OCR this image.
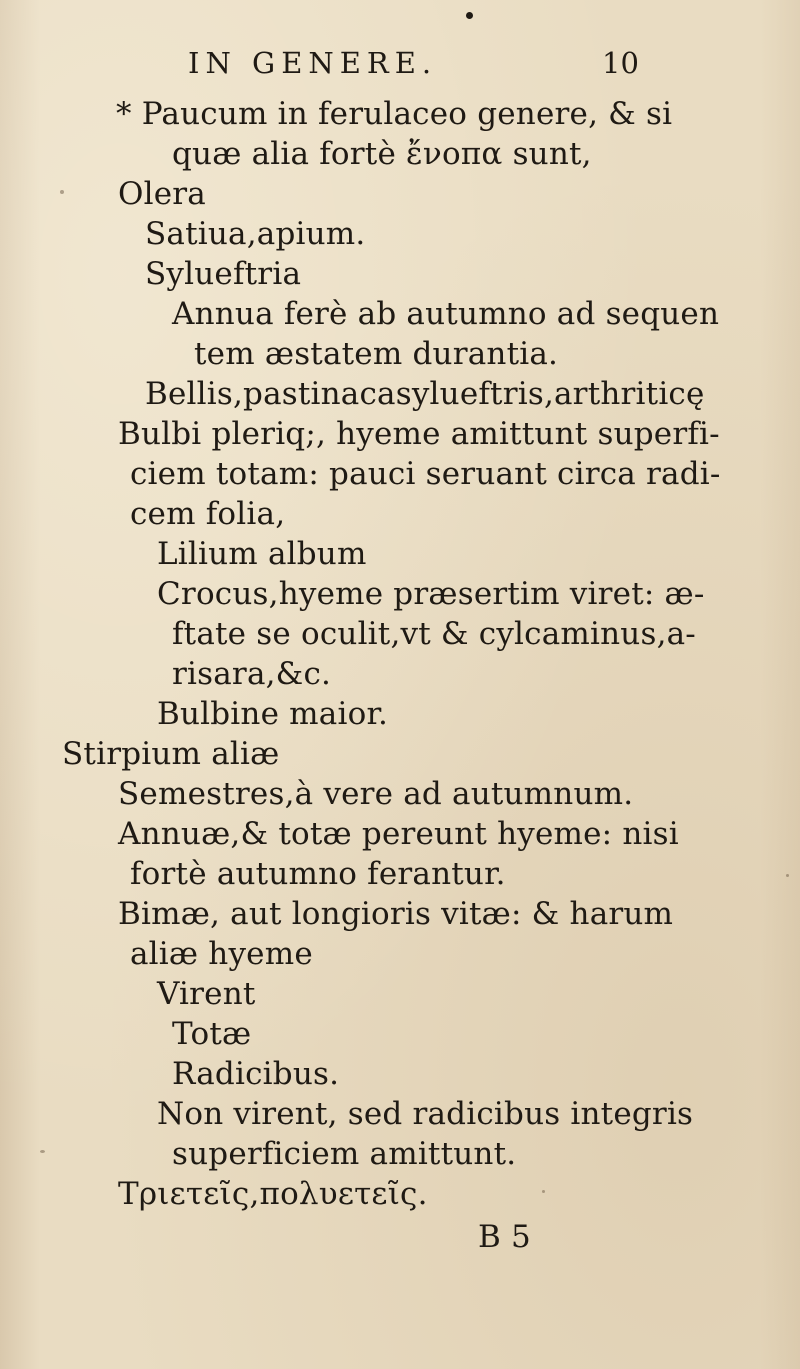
IN GENERE.	10
* Paucum in ferulaceo genere, & si
quæ alia fortè ἔνοπα sunt,
Olera
Satiua,apium.
Sylueftria
Annua ferè ab autumno ad sequen
tem æstatem durantia.
Bellis,pastinacasylueftris,arthriticę
Bulbi pleriq;, hyeme amittunt superfi-
ciem totam: pauci seruant circa radi-
cem folia,
Lilium album
Crocus,hyeme præsertim viret: æ-
ftate se oculit,vt & cylcaminus,a-
risara,&c.
Bulbine maior.
Stirpium aliæ
Semestres,à vere ad autumnum.
Annuæ,& totæ pereunt hyeme: nisi
fortè autumno ferantur.
Bimæ, aut longioris vitæ: & harum
aliæ hyeme
Virent
Totæ
Radicibus.
Non virent, sed radicibus integris
superficiem amittunt.
Τριετεῖς,πολυετεῖς.
B 5
